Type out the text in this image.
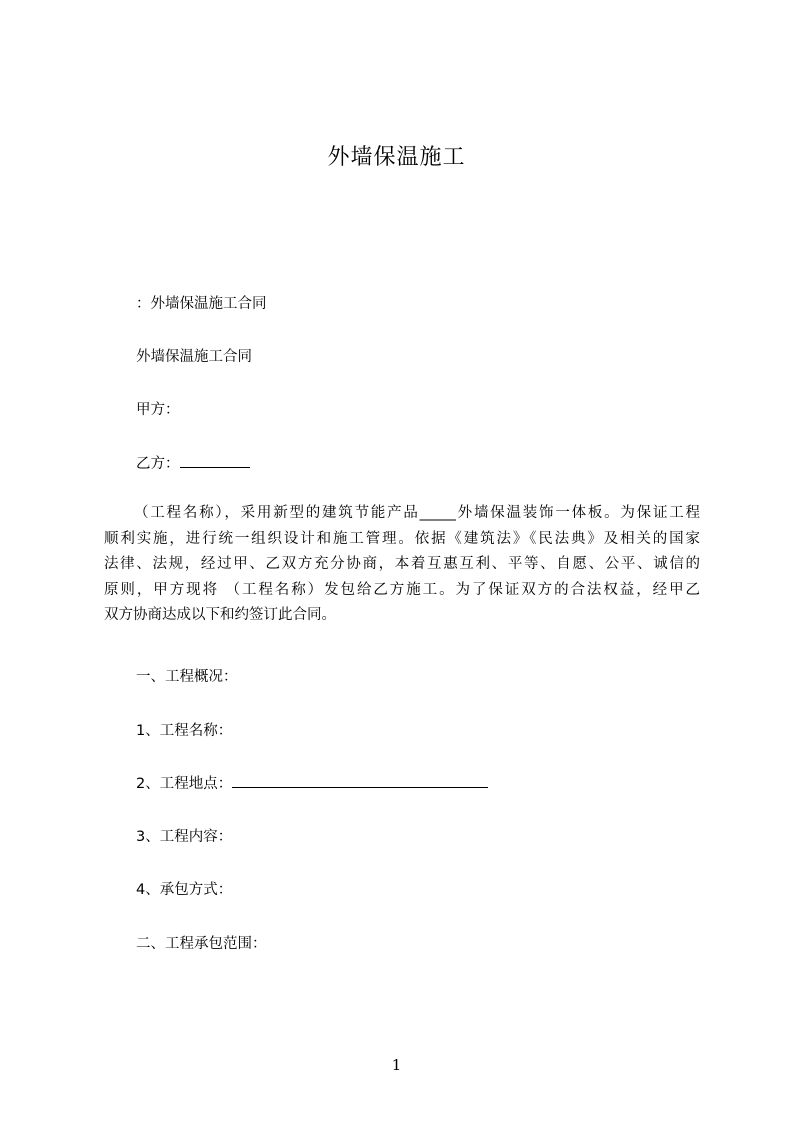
外墙保温施工
：外墙保温施工合同
外墙保温施工合同
甲方：
乙方：
（工程名称），采用新型的建筑节能产品_____外墙保温装饰一体板。为保证工程
顺利实施，进行统一组织设计和施工管理。依据《建筑法》《民法典》及相关的国家
法律、法规，经过甲、乙双方充分协商，本着互惠互利、平等、自愿、公平、诚信的
原则，甲方现将 （工程名称）发包给乙方施工。为了保证双方的合法权益，经甲乙
双方协商达成以下和约签订此合同。
一、工程概况：
1、工程名称：
2、工程地点：
3、工程内容：
4、承包方式：
二、工程承包范围：
1
